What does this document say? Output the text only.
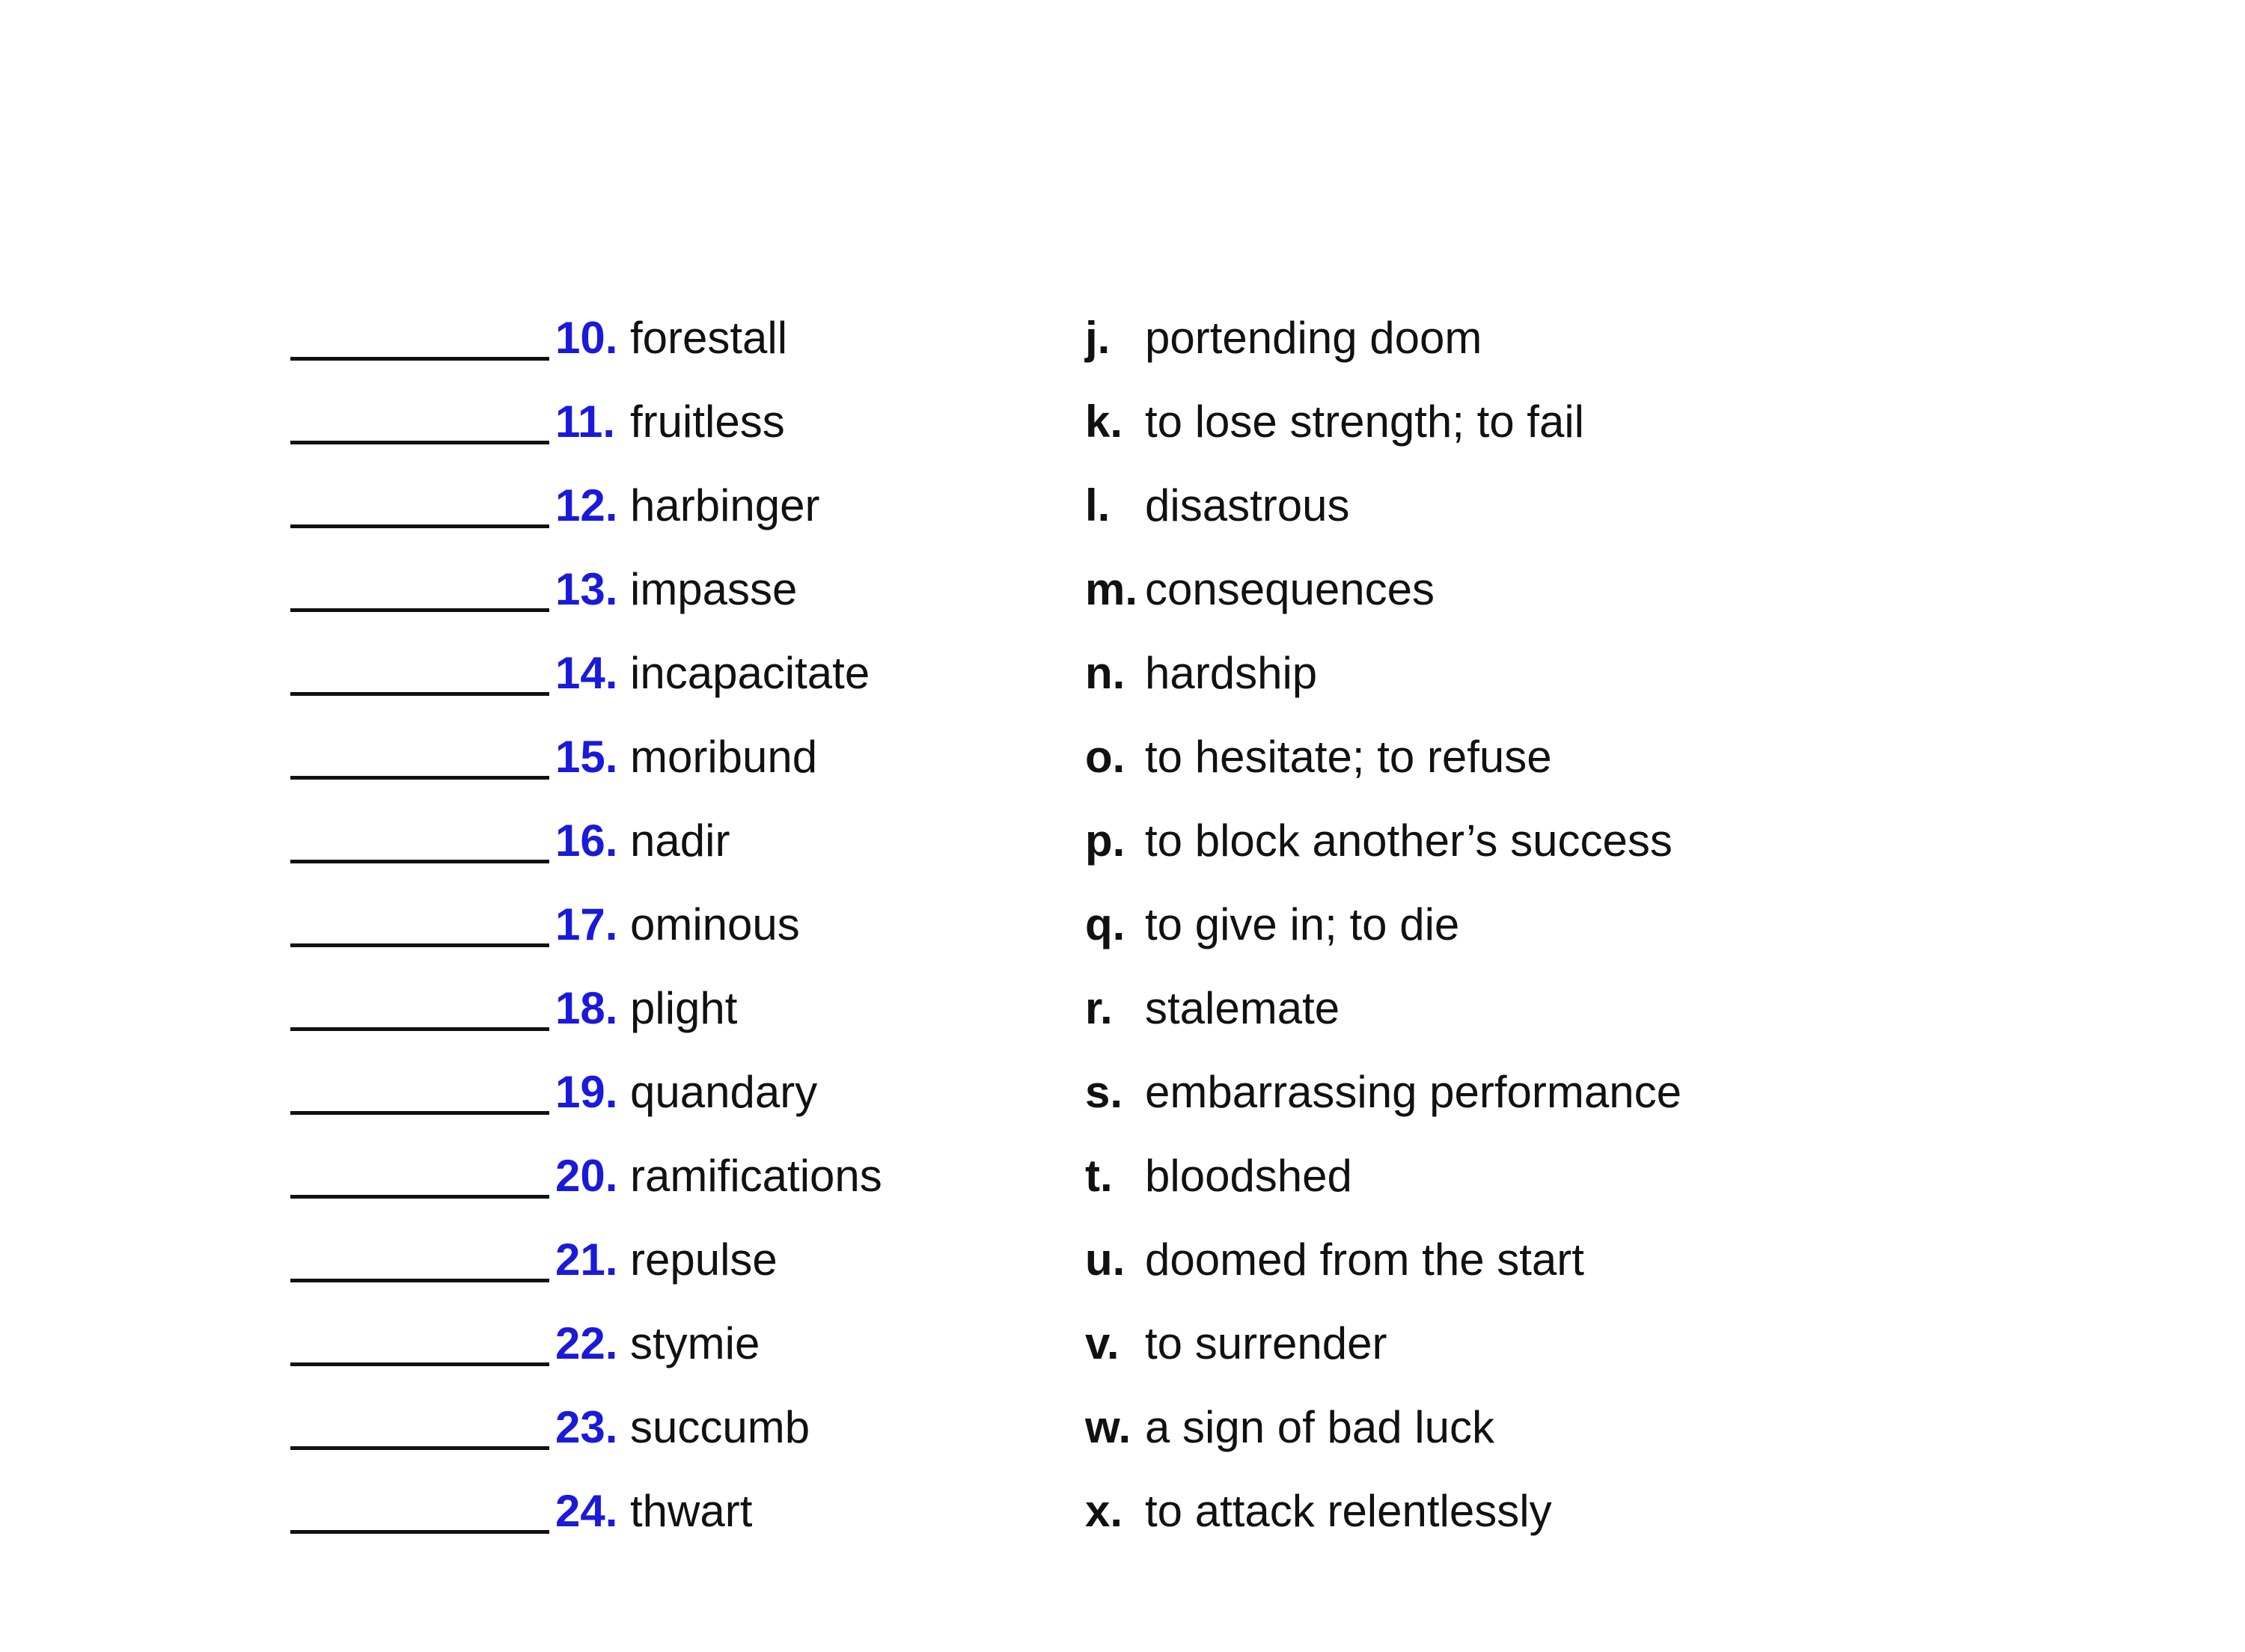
10. forestall
11. fruitless
12. harbinger
13. impasse
14. incapacitate
15. moribund
16. nadir
17. ominous
18. plight
19. quandary
20. ramifications
21. repulse
22. stymie
23. succumb
24. thwart
j. portending doom
k. to lose strength; to fail
l. disastrous
m. consequences
n. hardship
o. to hesitate; to refuse
p. to block another’s success
q. to give in; to die
r. stalemate
s. embarrassing performance
t. bloodshed
u. doomed from the start
v. to surrender
w. a sign of bad luck
x. to attack relentlessly
